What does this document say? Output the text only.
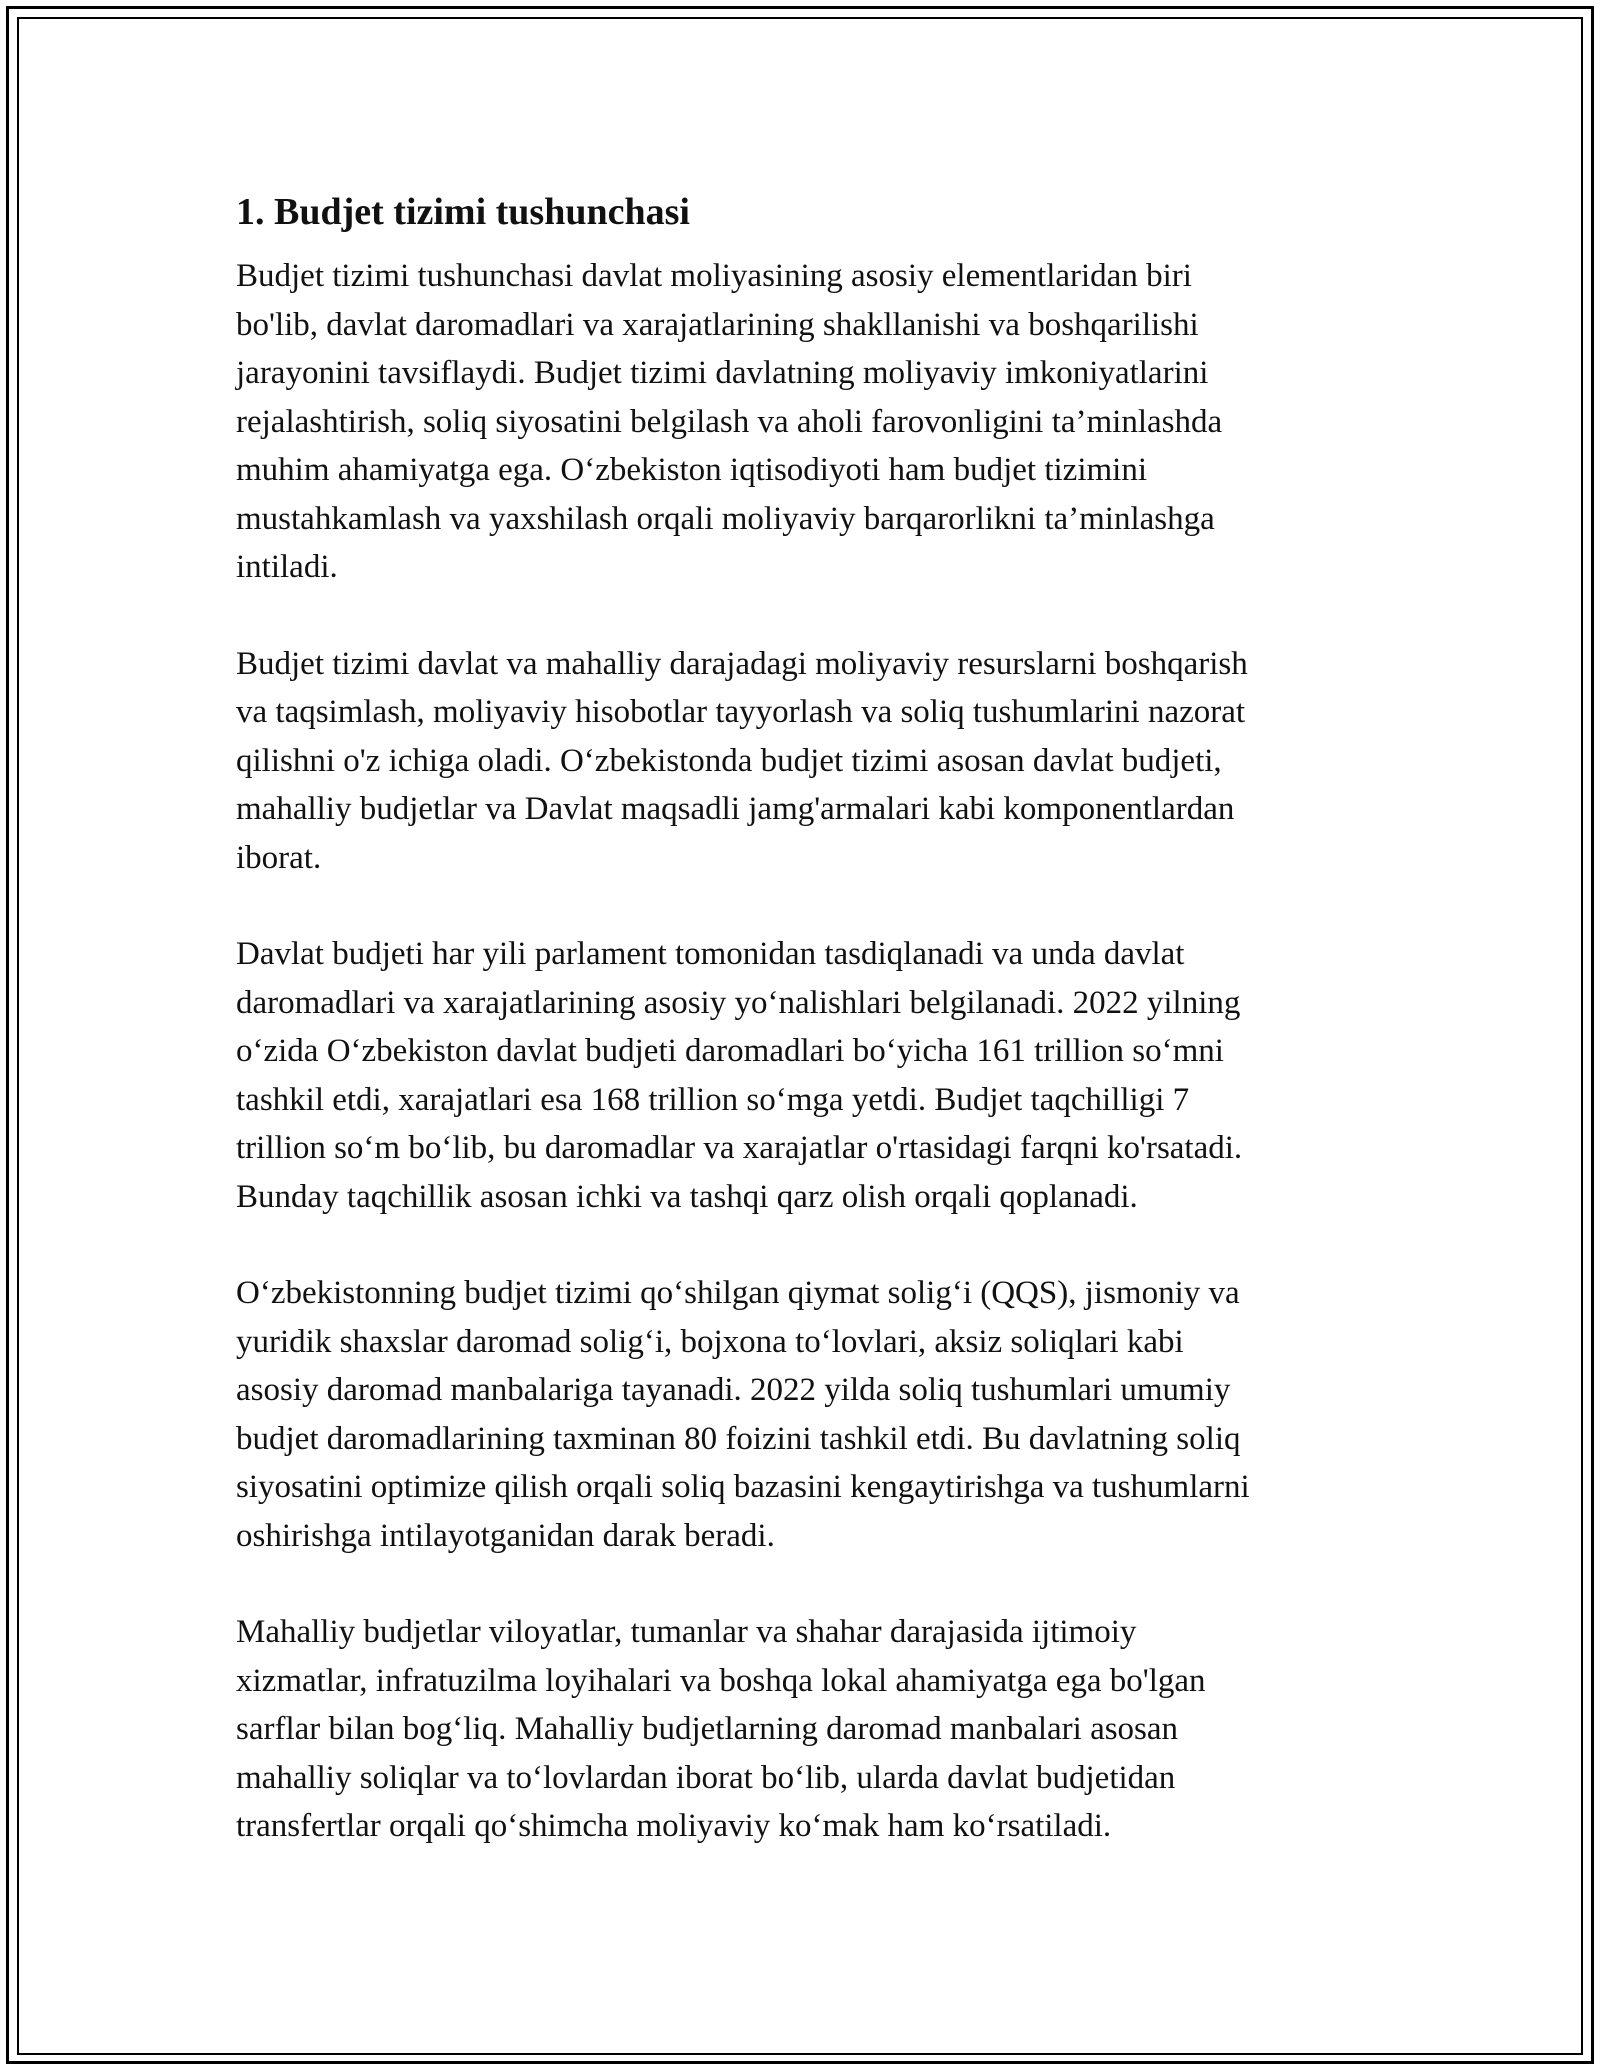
1. Budjet tizimi tushunchasi

Budjet tizimi tushunchasi davlat moliyasining asosiy elementlaridan biri
bo'lib, davlat daromadlari va xarajatlarining shakllanishi va boshqarilishi
jarayonini tavsiflaydi. Budjet tizimi davlatning moliyaviy imkoniyatlarini
rejalashtirish, soliq siyosatini belgilash va aholi farovonligini ta’minlashda
muhim ahamiyatga ega. O‘zbekiston iqtisodiyoti ham budjet tizimini
mustahkamlash va yaxshilash orqali moliyaviy barqarorlikni ta’minlashga
intiladi.

Budjet tizimi davlat va mahalliy darajadagi moliyaviy resurslarni boshqarish
va taqsimlash, moliyaviy hisobotlar tayyorlash va soliq tushumlarini nazorat
qilishni o'z ichiga oladi. O‘zbekistonda budjet tizimi asosan davlat budjeti,
mahalliy budjetlar va Davlat maqsadli jamg'armalari kabi komponentlardan
iborat.

Davlat budjeti har yili parlament tomonidan tasdiqlanadi va unda davlat
daromadlari va xarajatlarining asosiy yo‘nalishlari belgilanadi. 2022 yilning
o‘zida O‘zbekiston davlat budjeti daromadlari bo‘yicha 161 trillion so‘mni
tashkil etdi, xarajatlari esa 168 trillion so‘mga yetdi. Budjet taqchilligi 7
trillion so‘m bo‘lib, bu daromadlar va xarajatlar o'rtasidagi farqni ko'rsatadi.
Bunday taqchillik asosan ichki va tashqi qarz olish orqali qoplanadi.

O‘zbekistonning budjet tizimi qo‘shilgan qiymat solig‘i (QQS), jismoniy va
yuridik shaxslar daromad solig‘i, bojxona to‘lovlari, aksiz soliqlari kabi
asosiy daromad manbalariga tayanadi. 2022 yilda soliq tushumlari umumiy
budjet daromadlarining taxminan 80 foizini tashkil etdi. Bu davlatning soliq
siyosatini optimize qilish orqali soliq bazasini kengaytirishga va tushumlarni
oshirishga intilayotganidan darak beradi.

Mahalliy budjetlar viloyatlar, tumanlar va shahar darajasida ijtimoiy
xizmatlar, infratuzilma loyihalari va boshqa lokal ahamiyatga ega bo'lgan
sarflar bilan bog‘liq. Mahalliy budjetlarning daromad manbalari asosan
mahalliy soliqlar va to‘lovlardan iborat bo‘lib, ularda davlat budjetidan
transfertlar orqali qo‘shimcha moliyaviy ko‘mak ham ko‘rsatiladi.
